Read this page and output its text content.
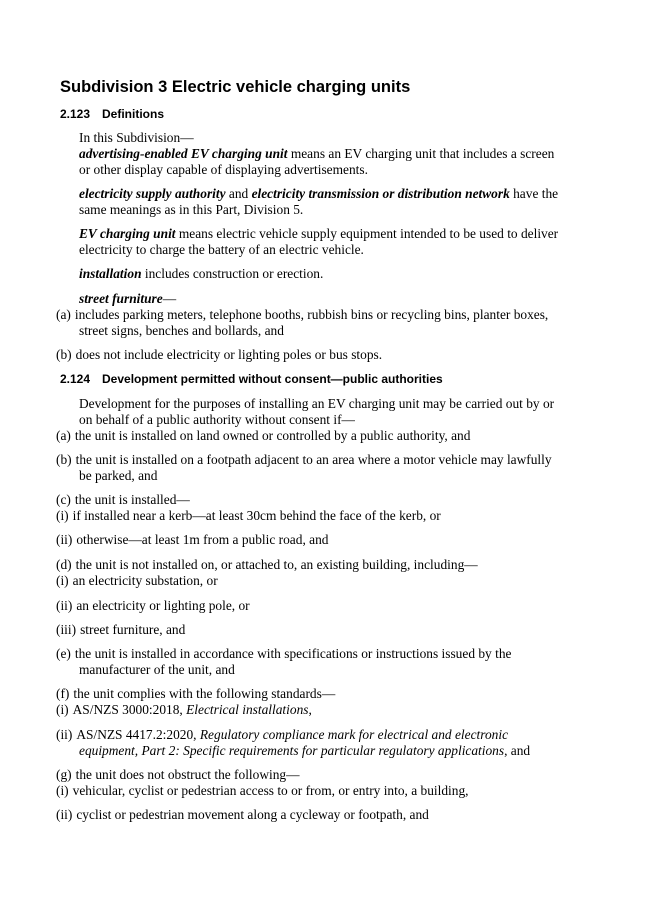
Subdivision 3 Electric vehicle charging units
2.123 Definitions
In this Subdivision—
advertising-enabled EV charging unit means an EV charging unit that includes a screen
or other display capable of displaying advertisements.
electricity supply authority and electricity transmission or distribution network have the
same meanings as in this Part, Division 5.
EV charging unit means electric vehicle supply equipment intended to be used to deliver
electricity to charge the battery of an electric vehicle.
installation includes construction or erection.
street furniture—
(a) includes parking meters, telephone booths, rubbish bins or recycling bins, planter boxes,
street signs, benches and bollards, and
(b) does not include electricity or lighting poles or bus stops.
2.124 Development permitted without consent—public authorities
Development for the purposes of installing an EV charging unit may be carried out by or
on behalf of a public authority without consent if—
(a) the unit is installed on land owned or controlled by a public authority, and
(b) the unit is installed on a footpath adjacent to an area where a motor vehicle may lawfully
be parked, and
(c) the unit is installed—
(i) if installed near a kerb—at least 30cm behind the face of the kerb, or
(ii) otherwise—at least 1m from a public road, and
(d) the unit is not installed on, or attached to, an existing building, including—
(i) an electricity substation, or
(ii) an electricity or lighting pole, or
(iii) street furniture, and
(e) the unit is installed in accordance with specifications or instructions issued by the
manufacturer of the unit, and
(f) the unit complies with the following standards—
(i) AS/NZS 3000:2018, Electrical installations,
(ii) AS/NZS 4417.2:2020, Regulatory compliance mark for electrical and electronic
equipment, Part 2: Specific requirements for particular regulatory applications, and
(g) the unit does not obstruct the following—
(i) vehicular, cyclist or pedestrian access to or from, or entry into, a building,
(ii) cyclist or pedestrian movement along a cycleway or footpath, and
